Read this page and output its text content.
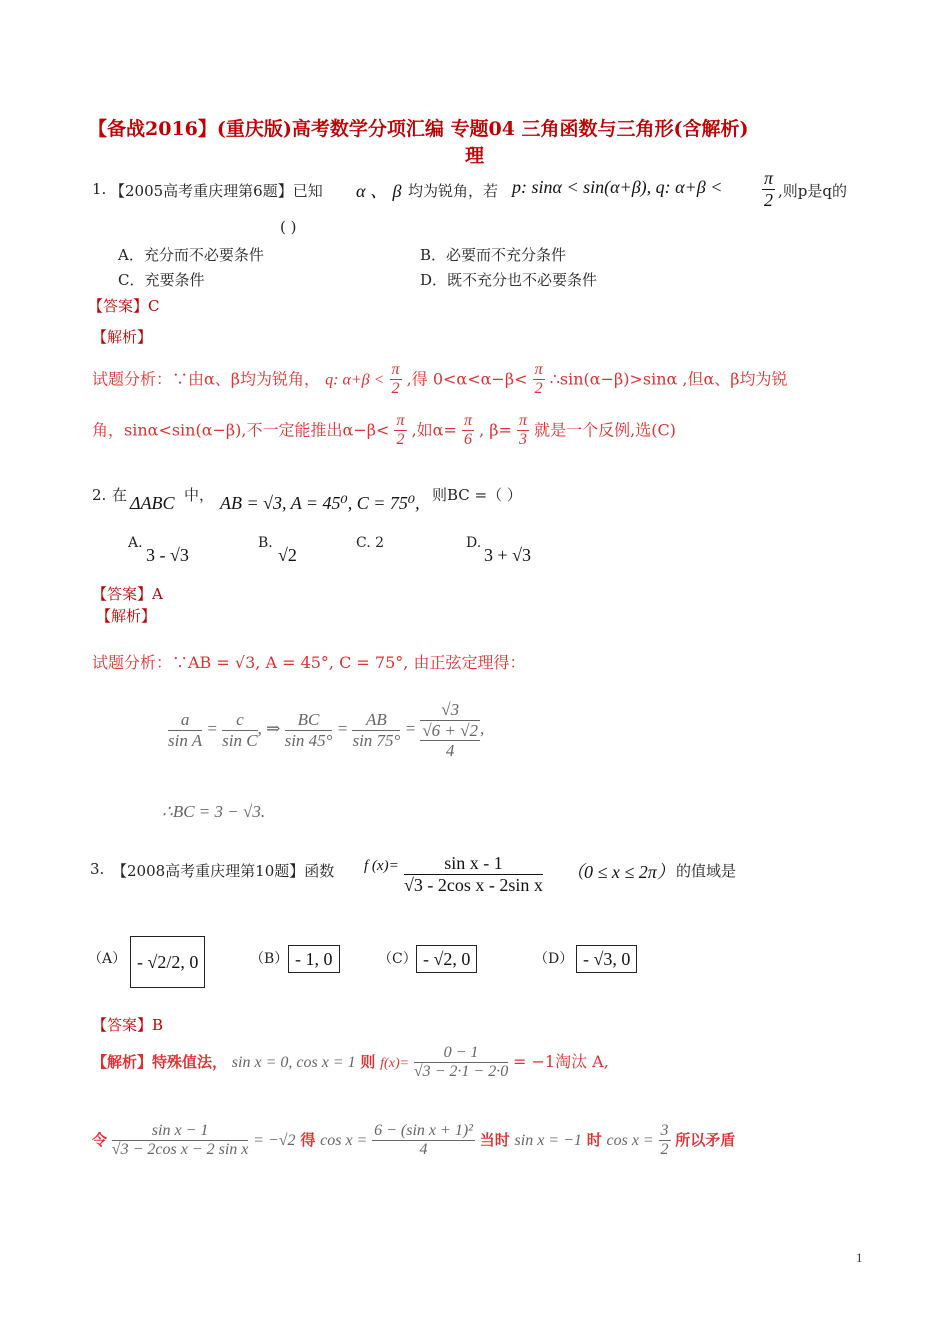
【备战2016】(重庆版)高考数学分项汇编 专题04 三角函数与三角形(含解析)
理
1. 【2005高考重庆理第6题】已知 α 、 β 均为锐角，若 p: sinα < sin(α+β), q: $\alpha+\beta < \frac{\pi}{2}$ ,则p是q的
( )
A．充分而不必要条件	B．必要而不充分条件
C．充要条件	D．既不充分也不必要条件
【答案】C
【解析】
试题分析：∵由α、β均为锐角， q: $\alpha+\beta < \frac{\pi}{2}$ ,得 $0<\alpha<\alpha-\beta< \frac{\pi}{2}$ ∴sin(α−β)>sinα ,但α、β均为锐
角，sinα<sin(α−β),不一定能推出$\alpha-\beta< \frac{\pi}{2}$ ,如$\alpha= \frac{\pi}{6}$ , $\beta= \frac{\pi}{3}$ 就是一个反例,选(C)
2. 在 ΔABC 中， AB = √3, A = 45⁰, C = 75⁰, 则BC =（ ）
A.
3 - √3
B.
√2
C. 2	D.
3 + √3
【答案】A
【解析】
试题分析：∵AB = √3, A = 45°, C = 75°, 由正弦定理得：
$\frac{a}{\text{sin A}} = \frac{c}{\text{sin C}}$ , ⇒ $\frac{BC}{\sin 45^\circ} = \frac{AB}{\sin 75^\circ} = √3$
√6 + √2
4 ,
∴BC = 3 − √3.
3. 【2008高考重庆理第10题】函数 f $(x)= \frac{\text{sin x - 1}}{\text{√3 - 2cos x - 2sin x}} (0 \le x \le 2\pi)$ 的值域是
（A） - √2/2, 0	（B） - 1, 0	（C） - √2, 0	（D） - √3, 0
【答案】B
【解析】特殊值法， sin x = 0, cos x = 1 则 $f(x)= \frac{0 - 1}{√3 - 2\cdot 1 - 2\cdot 0} = -1$淘汰 A,
令 $\frac{\text{sin x − 1}}{\text{√3 − 2cos x − 2 sin x}} = -√2$ 得 $\cos x = \frac{\text{6 − (sin x + 1)²}}{4}$ 当时 sin x = −1 时 $\cos x = \frac{3}{2}$ 所以矛盾
1
